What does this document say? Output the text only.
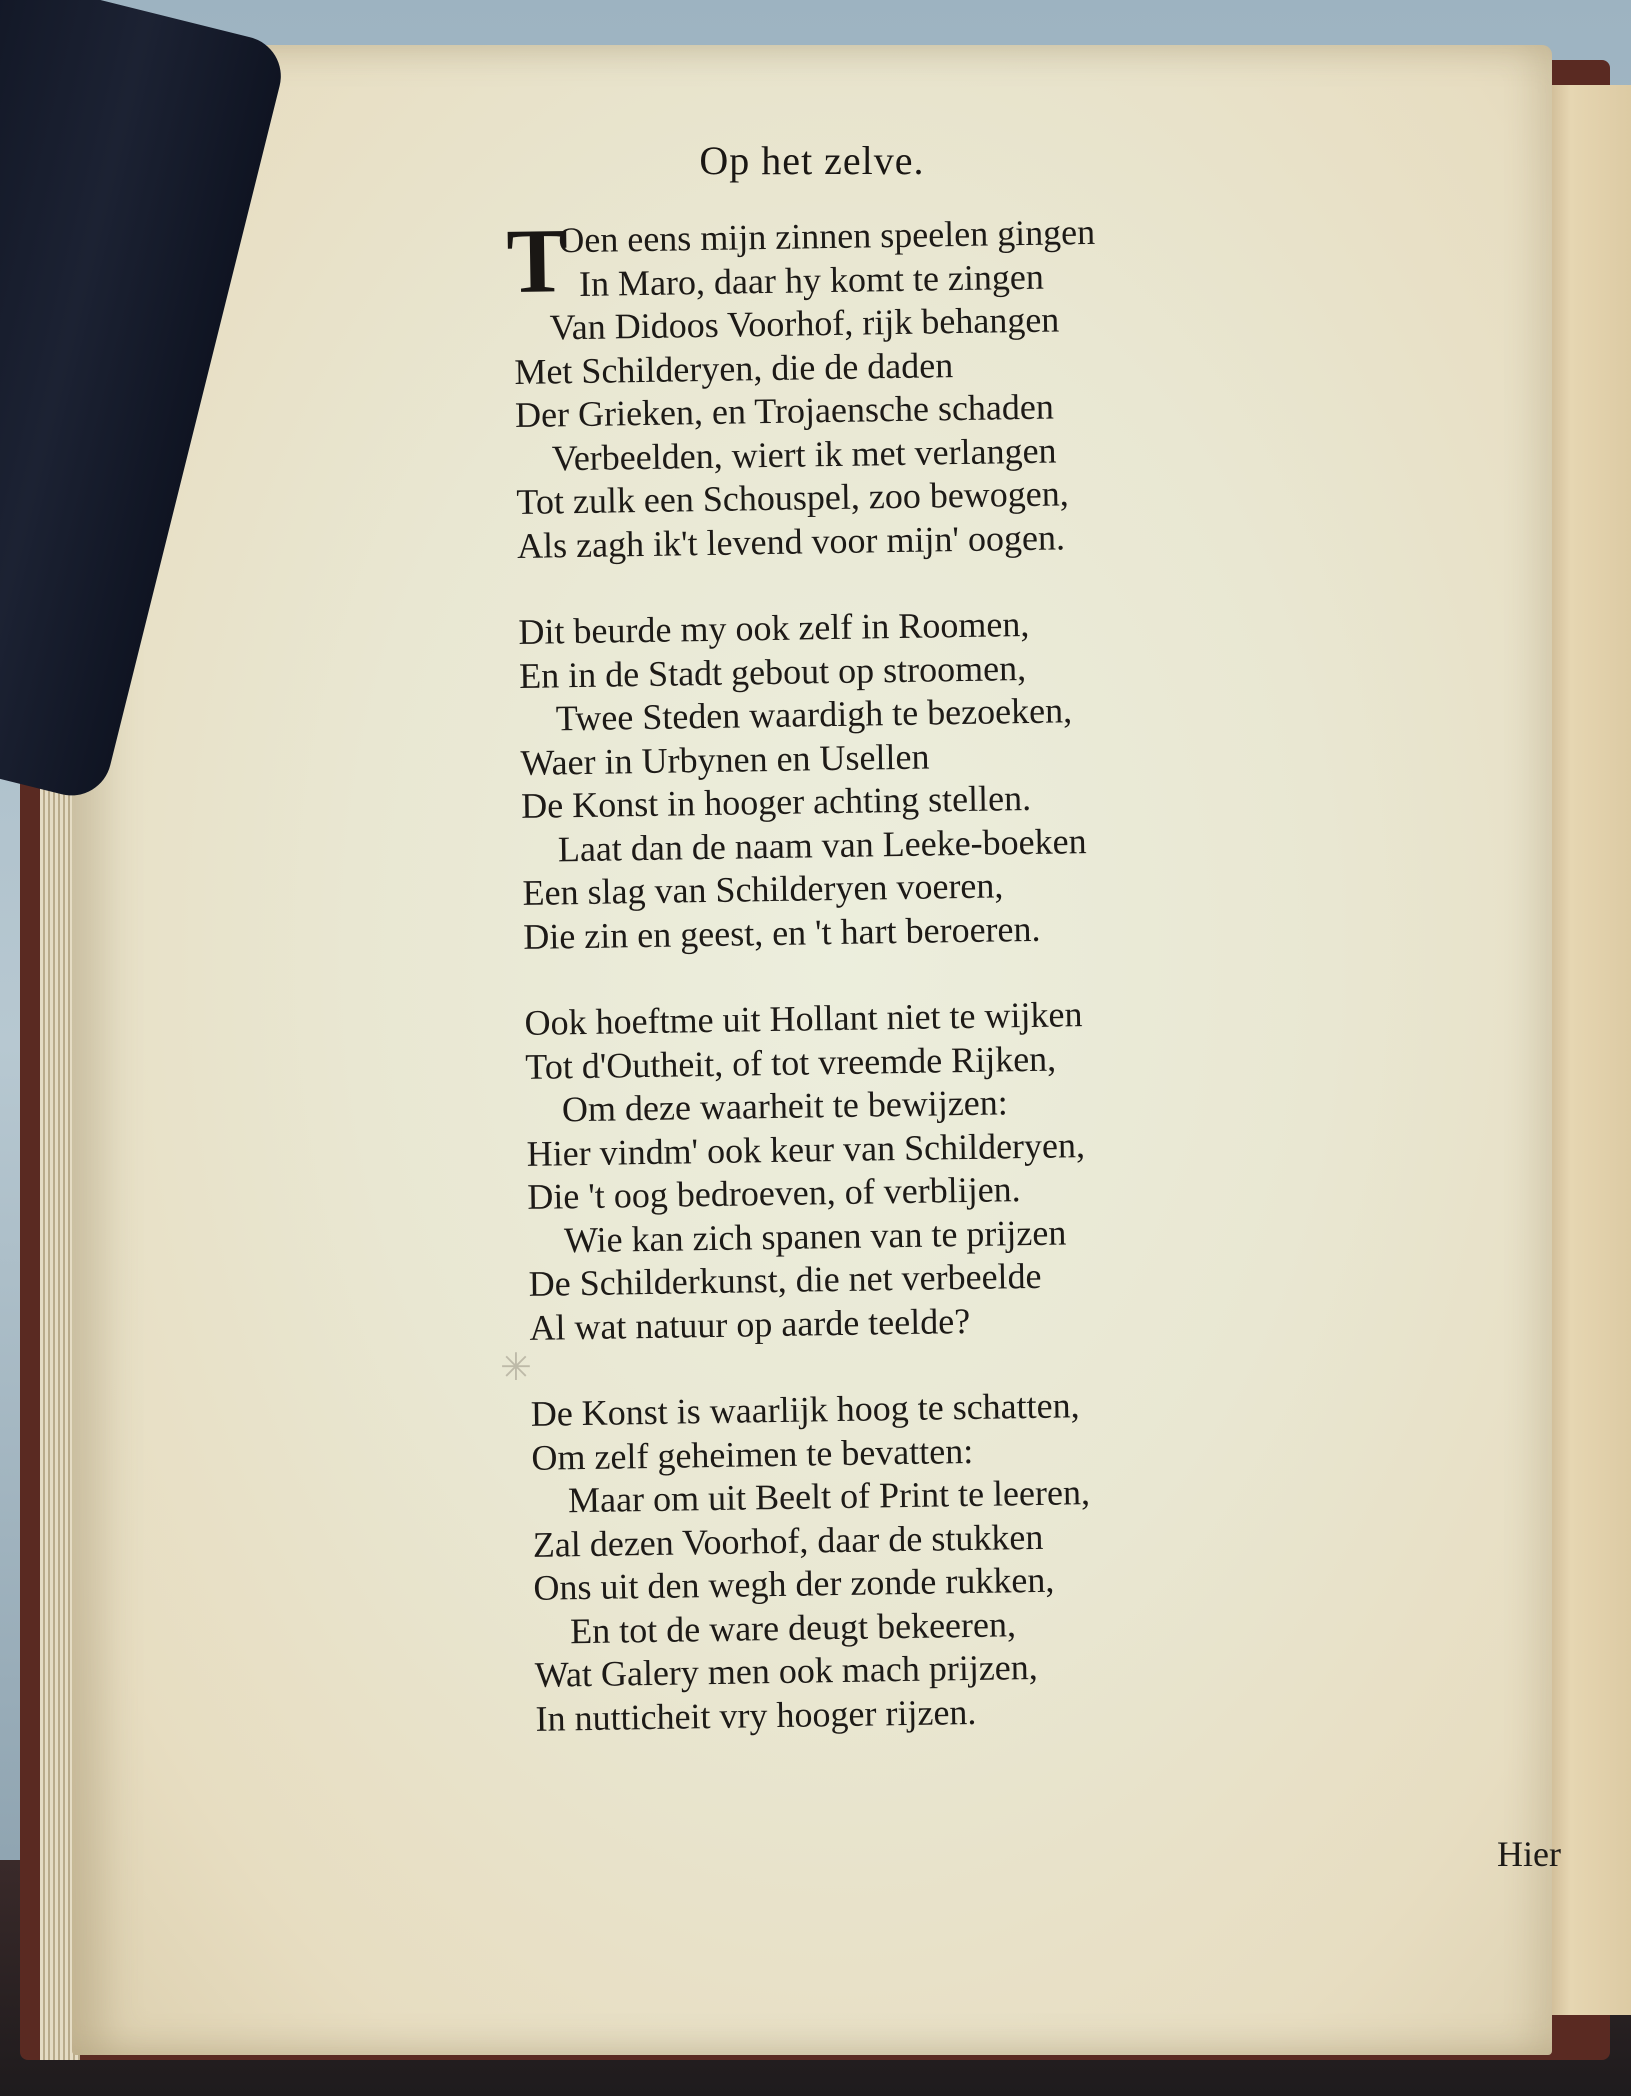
Op het zelve.
✳
T
Oen eens mijn zinnen speelen gingen
In Maro, daar hy komt te zingen
Van Didoos Voorhof, rijk behangen
Met Schilderyen, die de daden
Der Grieken, en Trojaensche schaden
Verbeelden, wiert ik met verlangen
Tot zulk een Schouspel, zoo bewogen,
Als zagh ik't levend voor mijn' oogen.
Dit beurde my ook zelf in Roomen,
En in de Stadt gebout op stroomen,
Twee Steden waardigh te bezoeken,
Waer in Urbynen en Usellen
De Konst in hooger achting stellen.
Laat dan de naam van Leeke-boeken
Een slag van Schilderyen voeren,
Die zin en geest, en 't hart beroeren.
Ook hoeftme uit Hollant niet te wijken
Tot d'Outheit, of tot vreemde Rijken,
Om deze waarheit te bewijzen:
Hier vindm' ook keur van Schilderyen,
Die 't oog bedroeven, of verblijen.
Wie kan zich spanen van te prijzen
De Schilderkunst, die net verbeelde
Al wat natuur op aarde teelde?
De Konst is waarlijk hoog te schatten,
Om zelf geheimen te bevatten:
Maar om uit Beelt of Print te leeren,
Zal dezen Voorhof, daar de stukken
Ons uit den wegh der zonde rukken,
En tot de ware deugt bekeeren,
Wat Galery men ook mach prijzen,
In nutticheit vry hooger rijzen.
Hier
